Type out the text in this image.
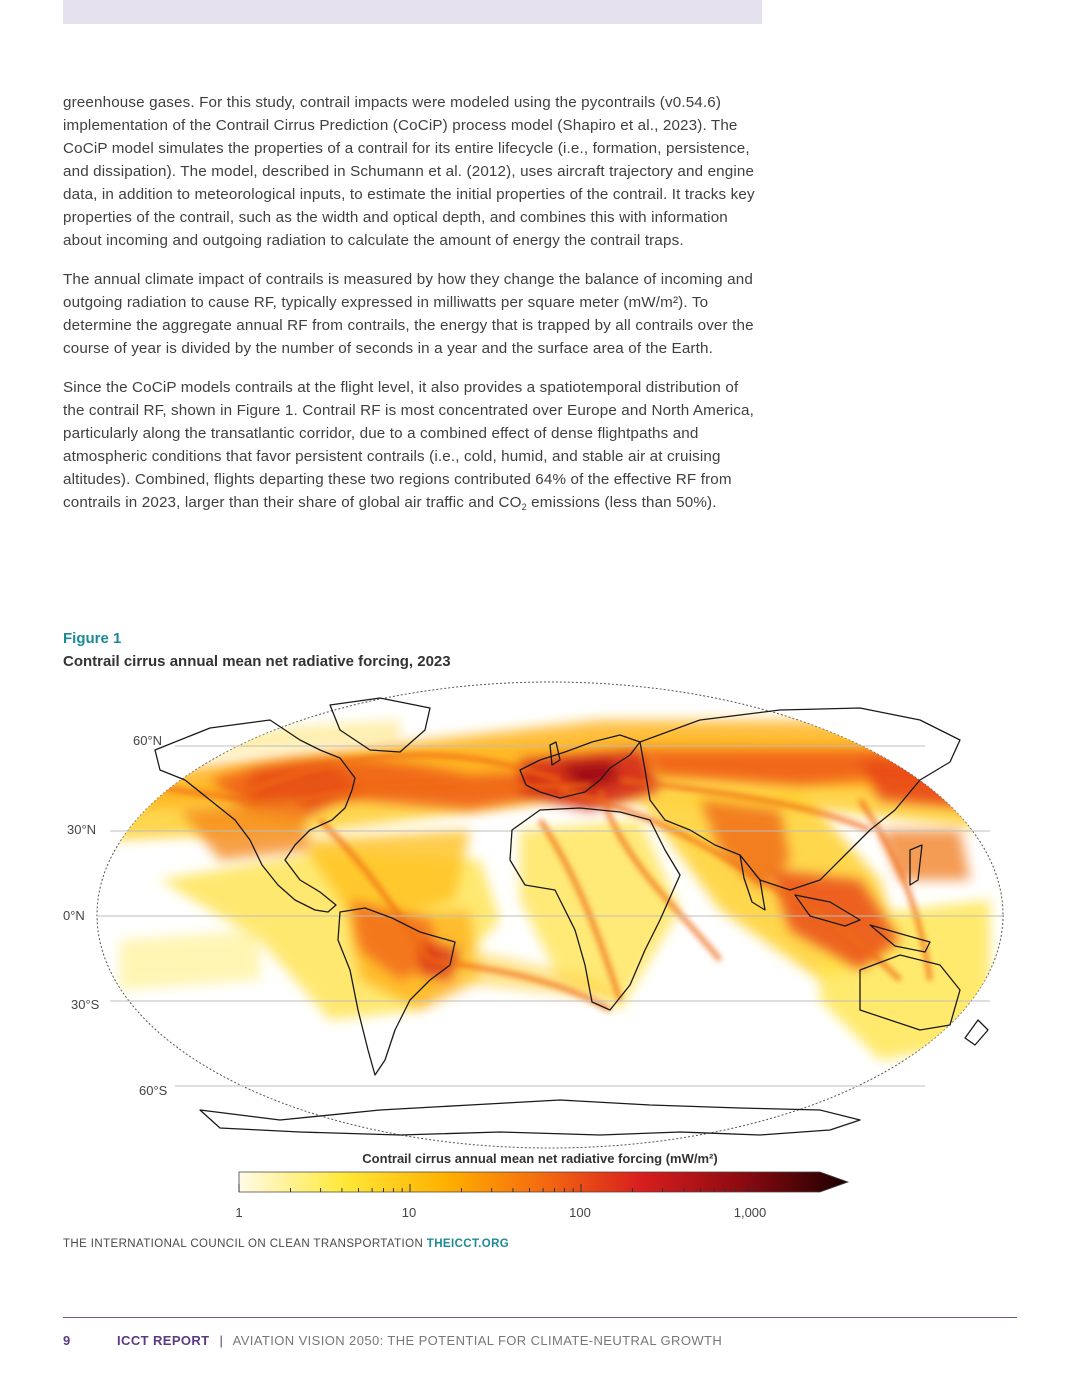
greenhouse gases. For this study, contrail impacts were modeled using the pycontrails (v0.54.6) implementation of the Contrail Cirrus Prediction (CoCiP) process model (Shapiro et al., 2023). The CoCiP model simulates the properties of a contrail for its entire lifecycle (i.e., formation, persistence, and dissipation). The model, described in Schumann et al. (2012), uses aircraft trajectory and engine data, in addition to meteorological inputs, to estimate the initial properties of the contrail. It tracks key properties of the contrail, such as the width and optical depth, and combines this with information about incoming and outgoing radiation to calculate the amount of energy the contrail traps.

The annual climate impact of contrails is measured by how they change the balance of incoming and outgoing radiation to cause RF, typically expressed in milliwatts per square meter (mW/m²). To determine the aggregate annual RF from contrails, the energy that is trapped by all contrails over the course of year is divided by the number of seconds in a year and the surface area of the Earth.

Since the CoCiP models contrails at the flight level, it also provides a spatiotemporal distribution of the contrail RF, shown in Figure 1. Contrail RF is most concentrated over Europe and North America, particularly along the transatlantic corridor, due to a combined effect of dense flightpaths and atmospheric conditions that favor persistent contrails (i.e., cold, humid, and stable air at cruising altitudes). Combined, flights departing these two regions contributed 64% of the effective RF from contrails in 2023, larger than their share of global air traffic and $CO_2$ emissions (less than 50%).

Figure 1
Contrail cirrus annual mean net radiative forcing, 2023
60°N
30°N
0°N
30°S
60°S
Contrail cirrus annual mean net radiative forcing (mW/m²)
1	10	100	1,000
THE INTERNATIONAL COUNCIL ON CLEAN TRANSPORTATION THEICCT.ORG
9	ICCT REPORT | AVIATION VISION 2050: THE POTENTIAL FOR CLIMATE-NEUTRAL GROWTH
